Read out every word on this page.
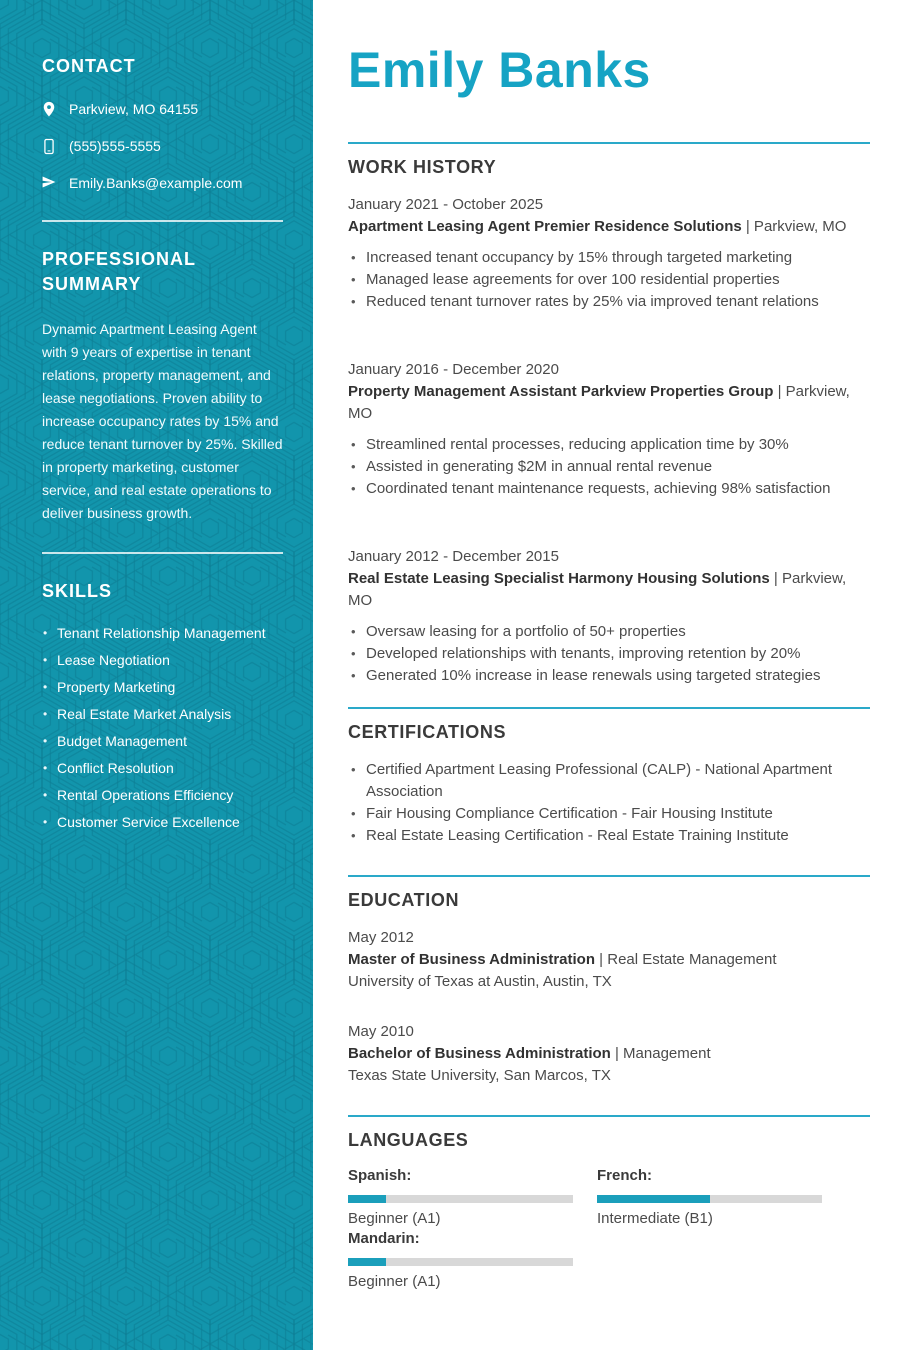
CONTACT
Parkview, MO 64155
(555)555-5555
Emily.Banks@example.com
PROFESSIONAL SUMMARY

Dynamic Apartment Leasing Agent with 9 years of expertise in tenant relations, property management, and lease negotiations. Proven ability to increase occupancy rates by 15% and reduce tenant turnover by 25%. Skilled in property marketing, customer service, and real estate operations to deliver business growth.

SKILLS
• Tenant Relationship Management
• Lease Negotiation
• Property Marketing
• Real Estate Market Analysis
• Budget Management
• Conflict Resolution
• Rental Operations Efficiency
• Customer Service Excellence
Emily Banks
WORK HISTORY
January 2021 - October 2025
Apartment Leasing Agent Premier Residence Solutions | Parkview, MO
• Increased tenant occupancy by 15% through targeted marketing
• Managed lease agreements for over 100 residential properties
• Reduced tenant turnover rates by 25% via improved tenant relations
January 2016 - December 2020
Property Management Assistant Parkview Properties Group | Parkview, MO
• Streamlined rental processes, reducing application time by 30%
• Assisted in generating $2M in annual rental revenue
• Coordinated tenant maintenance requests, achieving 98% satisfaction
January 2012 - December 2015
Real Estate Leasing Specialist Harmony Housing Solutions | Parkview, MO
• Oversaw leasing for a portfolio of 50+ properties
• Developed relationships with tenants, improving retention by 20%
• Generated 10% increase in lease renewals using targeted strategies
CERTIFICATIONS
• Certified Apartment Leasing Professional (CALP) - National Apartment Association
• Fair Housing Compliance Certification - Fair Housing Institute
• Real Estate Leasing Certification - Real Estate Training Institute
EDUCATION
May 2012
Master of Business Administration | Real Estate Management
University of Texas at Austin, Austin, TX
May 2010
Bachelor of Business Administration | Management
Texas State University, San Marcos, TX
LANGUAGES
Spanish:
Beginner (A1)
French:
Intermediate (B1)
Mandarin:
Beginner (A1)
